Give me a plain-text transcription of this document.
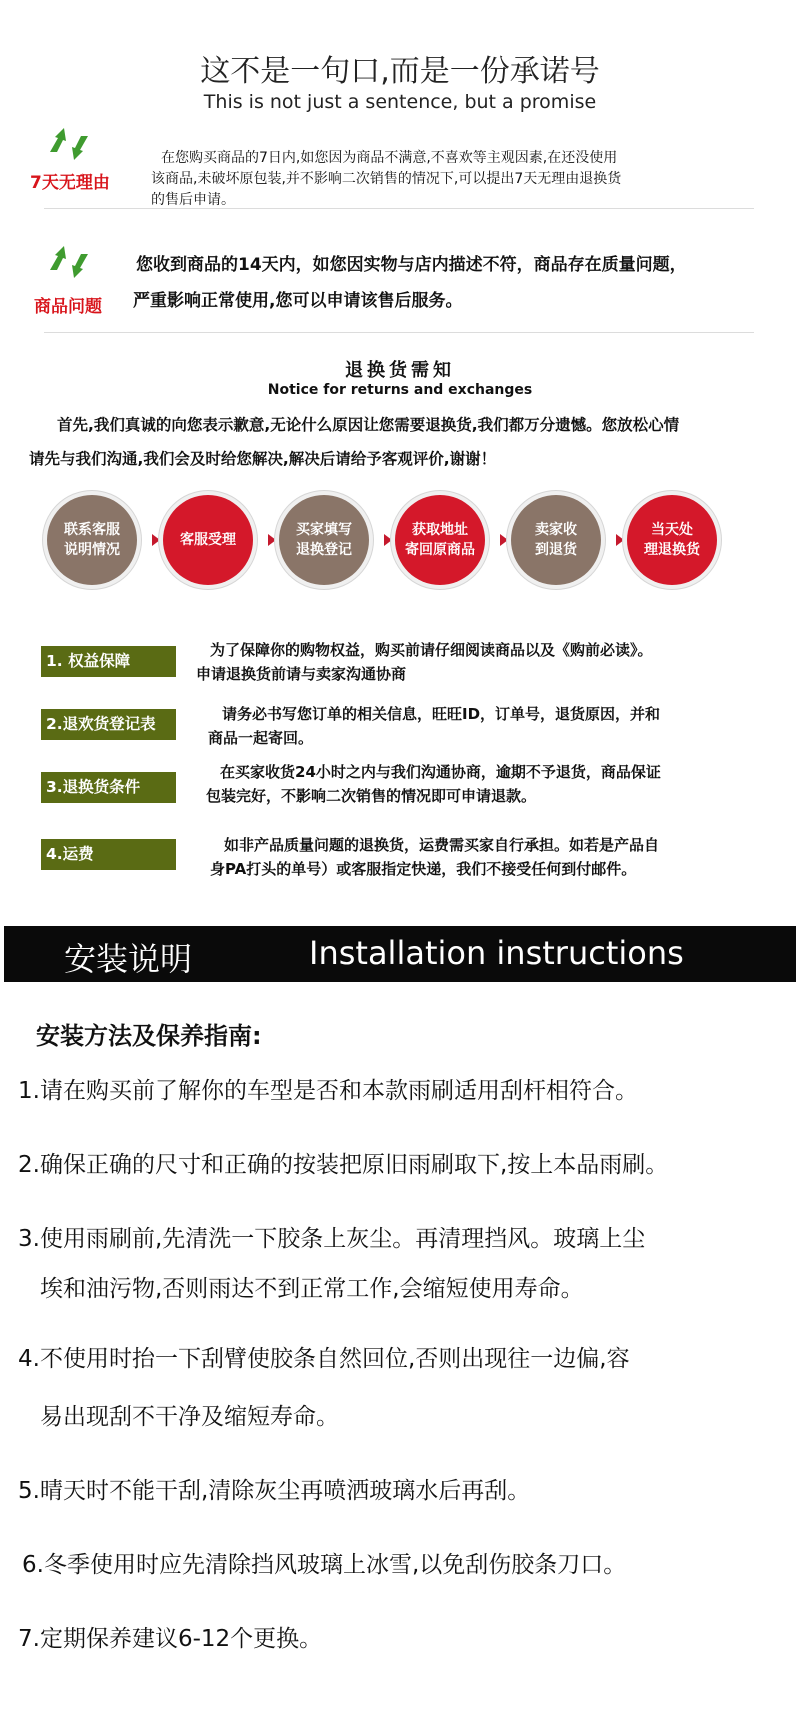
这不是一句口,而是一份承诺号
This is not just a sentence, but a promise
7天无理由
在您购买商品的7日内,如您因为商品不满意,不喜欢等主观因素,在还没使用
该商品,未破坏原包装,并不影响二次销售的情况下,可以提出7天无理由退换货
的售后申请。
商品问题
您收到商品的14天内，如您因实物与店内描述不符，商品存在质量问题，
严重影响正常使用,您可以申请该售后服务。
退换货需知
Notice for returns and exchanges
首先,我们真诚的向您表示歉意,无论什么原因让您需要退换货,我们都万分遗憾。您放松心情
请先与我们沟通,我们会及时给您解决,解决后请给予客观评价,谢谢！
联系客服
说明情况
客服受理
买家填写
退换登记
获取地址
寄回原商品
卖家收
到退货
当天处
理退换货
1. 权益保障
为了保障你的购物权益，购买前请仔细阅读商品以及《购前必读》。
申请退换货前请与卖家沟通协商
2.退欢货登记表
请务必书写您订单的相关信息，旺旺ID，订单号，退货原因，并和
商品一起寄回。
3.退换货条件
在买家收货24小时之内与我们沟通协商，逾期不予退货，商品保证
包装完好，不影响二次销售的情况即可申请退款。
4.运费	如非产品质量问题的退换货，运费需买家自行承担。如若是产品自
身PA打头的单号）或客服指定快递，我们不接受任何到付邮件。
安装说明	Installation instructions
安装方法及保养指南:
1.请在购买前了解你的车型是否和本款雨刷适用刮杆相符合。
2.确保正确的尺寸和正确的按装把原旧雨刷取下,按上本品雨刷。
3.使用雨刷前,先清洗一下胶条上灰尘。再清理挡风。玻璃上尘
埃和油污物,否则雨达不到正常工作,会缩短使用寿命。
4.不使用时抬一下刮臂使胶条自然回位,否则出现往一边偏,容
易出现刮不干净及缩短寿命。
5.晴天时不能干刮,清除灰尘再喷洒玻璃水后再刮。
6.冬季使用时应先清除挡风玻璃上冰雪,以免刮伤胶条刀口。
7.定期保养建议6-12个更换。
